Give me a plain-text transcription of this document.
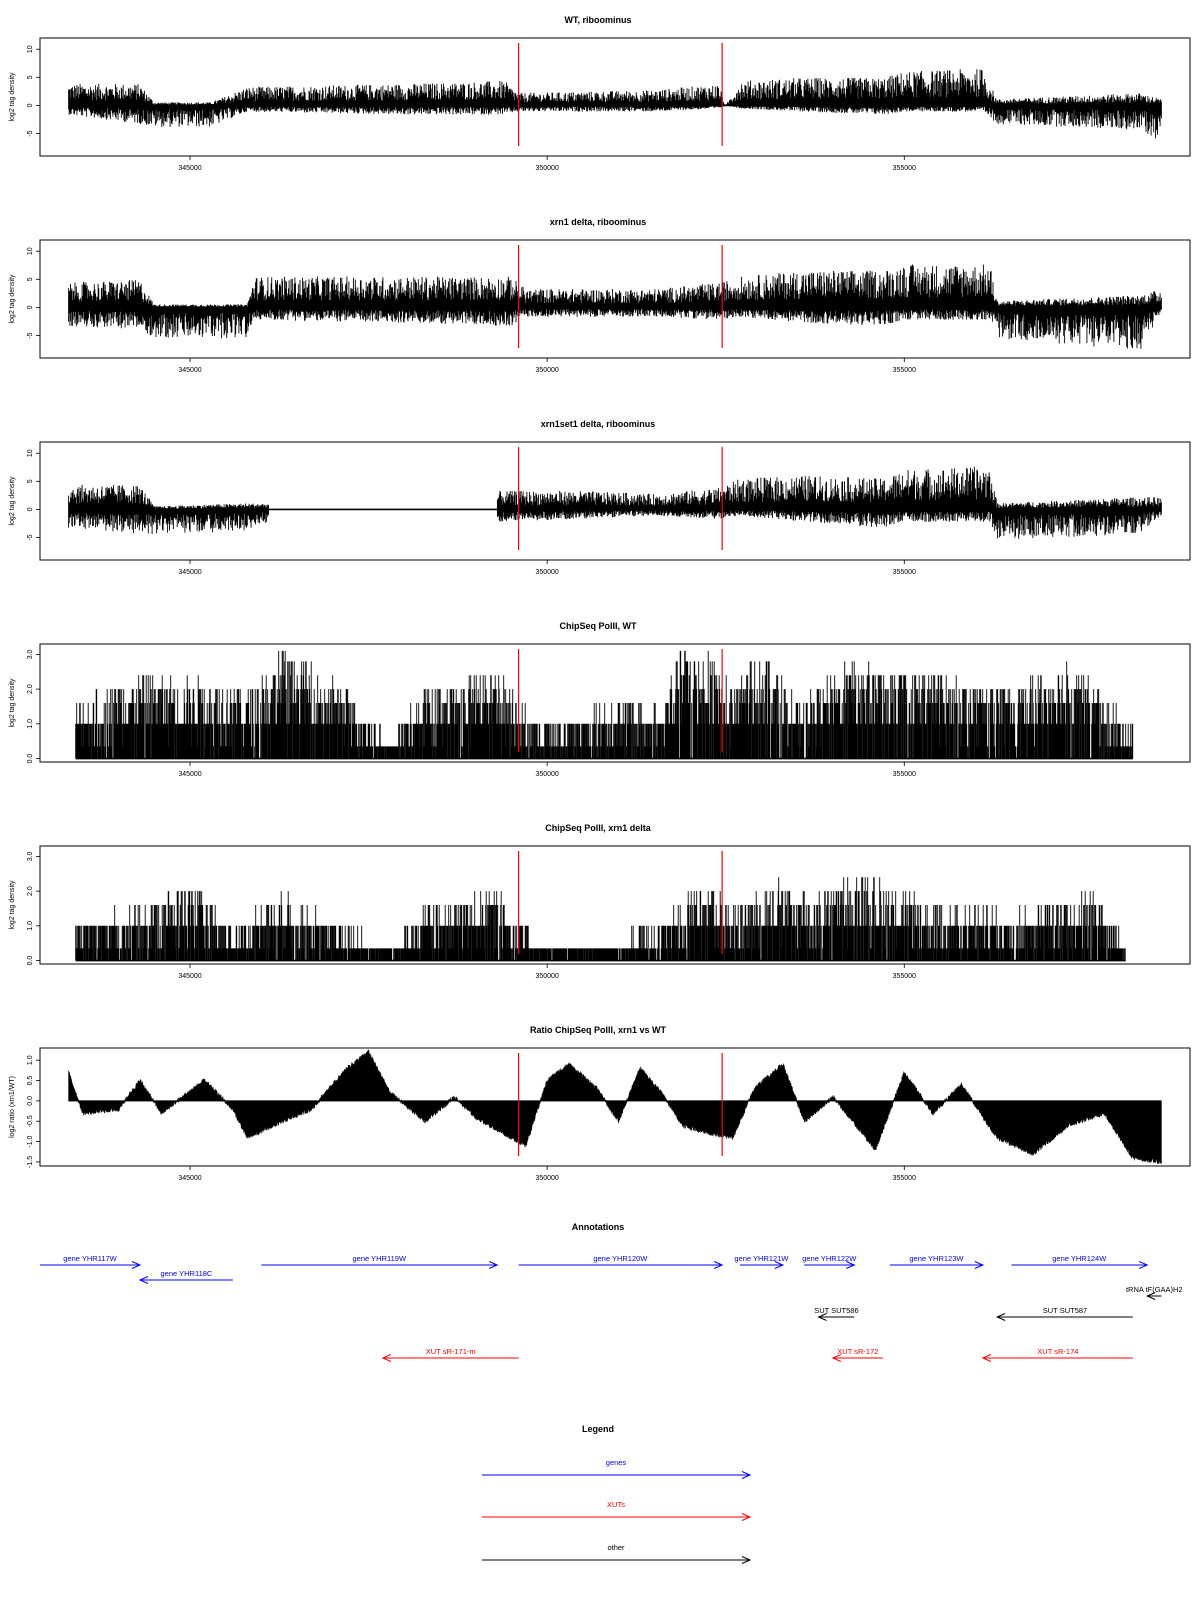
WT, riboominus
-5
0
5
10
log2 tag density
345000	350000	355000
xrn1 delta, riboominus
-5
0
5
10
log2 tag density
345000	350000	355000
xrn1set1 delta, riboominus
-5
0
5
10
log2 tag density
345000	350000	355000
ChipSeq PolII, WT
0.0
1.0
2.0
3.0
log2 tag density
345000	350000	355000
ChipSeq PolII, xrn1 delta
0.0
1.0
2.0
3.0
log2 tag density
345000	350000	355000
Ratio ChipSeq PolII, xrn1 vs WT
-1.5
-1.0
-0.5
0.0
0.5
1.0
log2 ratio (xrn1/WT)
345000	350000	355000
Annotations
gene YHR117W
gene YHR118C
gene YHR119W	gene YHR120W	gene YHR121W gene YHR122W	gene YHR123W	gene YHR124W
tRNA tF(GAA)H2
SUT SUT586	SUT SUT587
XUT sR-171-m	XUT sR-172	XUT sR-174
Legend
genes
XUTs
other
